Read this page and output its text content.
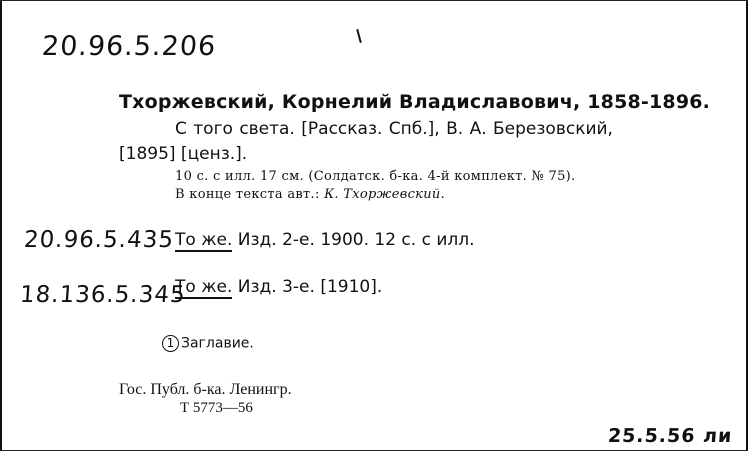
20.96.5.206
Тхоржевский, Корнелий Владиславович, 1858-1896.
С того света. [Рассказ. Спб.], В. А. Березовский,
[1895] [ценз.].
10 с. с илл. 17 см. (Солдатск. б-ка. 4-й комплект. № 75).
В конце текста авт.: К. Тхоржевский.
20.96.5.435 То же. Изд. 2-е. 1900. 12 с. с илл.
18.136.5.345
То же. Изд. 3-е. [1910].
1 Заглавие.
Гос. Публ. б-ка. Ленингр.
Т 5773—56
25.5.56 ли
